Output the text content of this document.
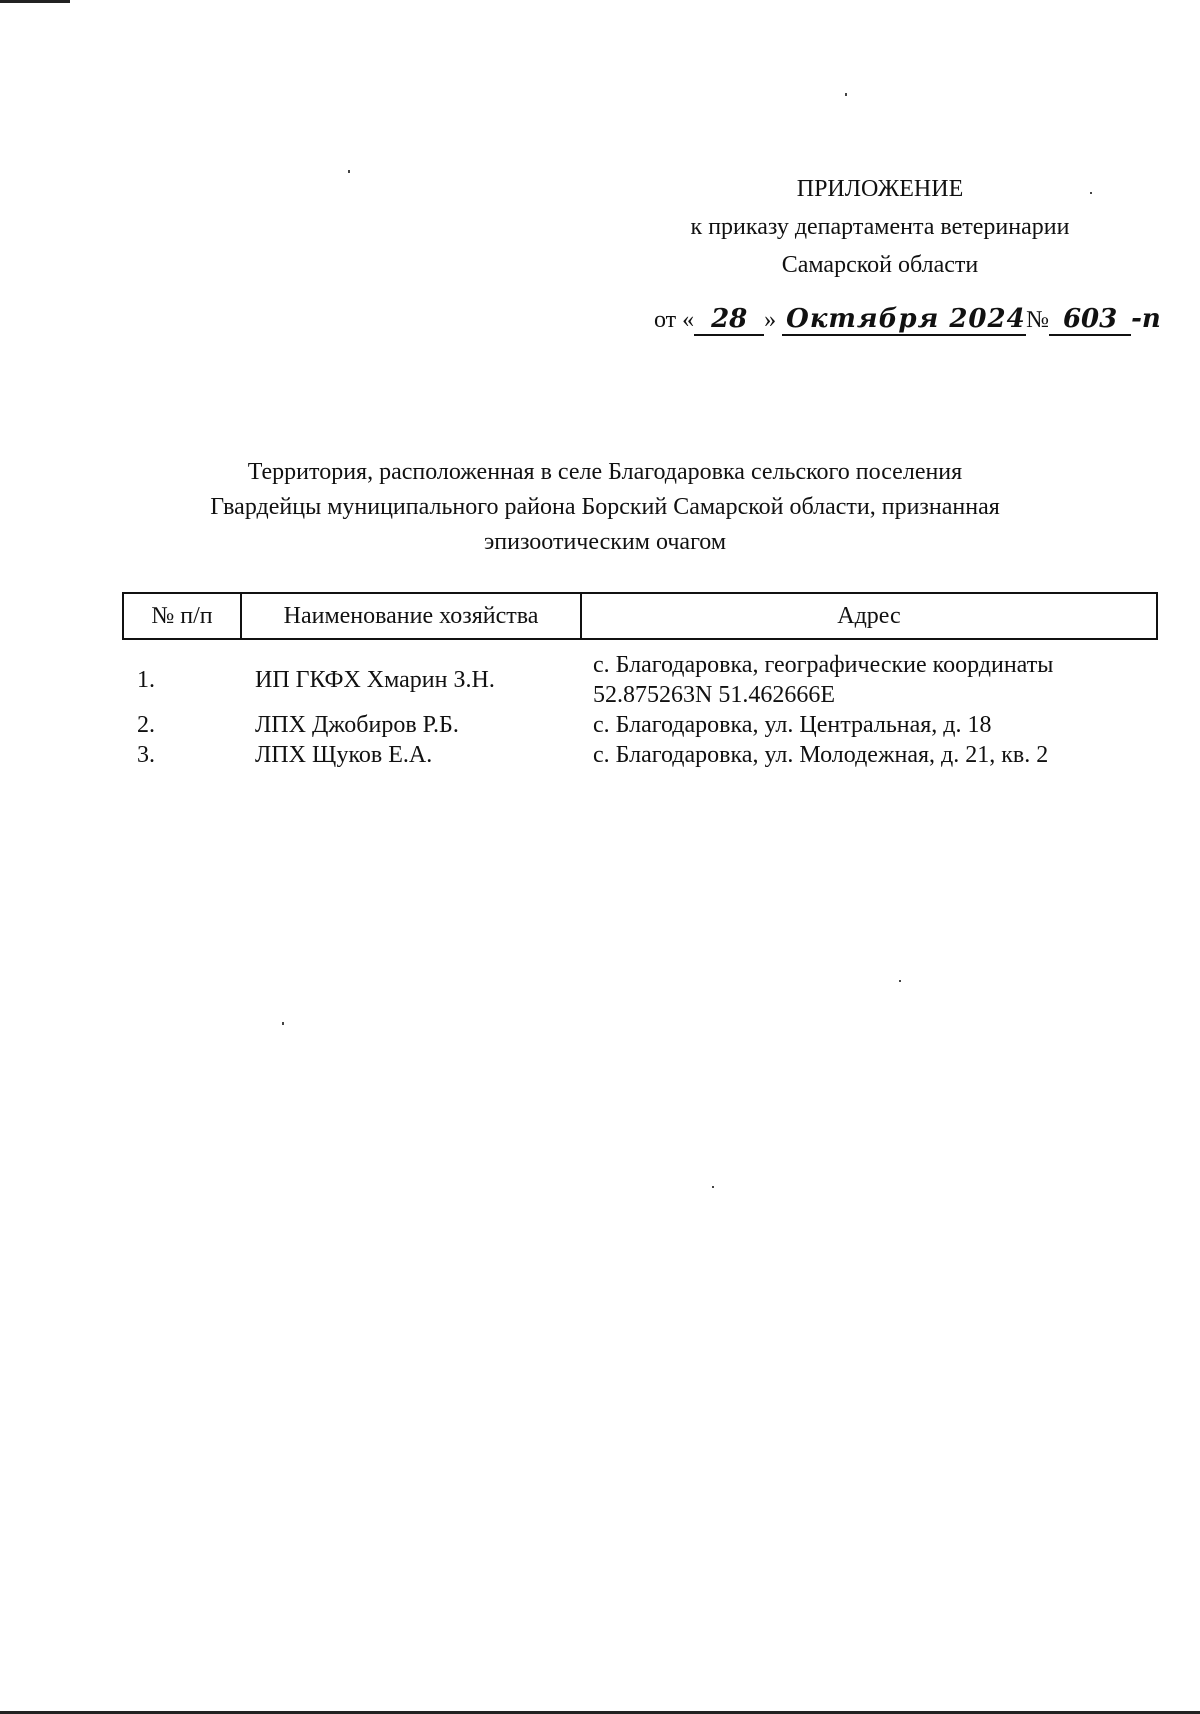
ПРИЛОЖЕНИЕ
к приказу департамента ветеринарии
Самарской области
от « 28 » Октября 2024№ 603 -п
Территория, расположенная в селе Благодаровка сельского поселения
Гвардейцы муниципального района Борский Самарской области, признанная
эпизоотическим очагом
№ п/п	Наименование хозяйства	Адрес
1.	ИП ГКФХ Хмарин З.Н.	с. Благодаровка, географические координаты
52.875263N 51.462666E

2.	ЛПХ Джобиров Р.Б.	с. Благодаровка, ул. Центральная, д. 18

3.	ЛПХ Щуков Е.А.	с. Благодаровка, ул. Молодежная, д. 21, кв. 2
